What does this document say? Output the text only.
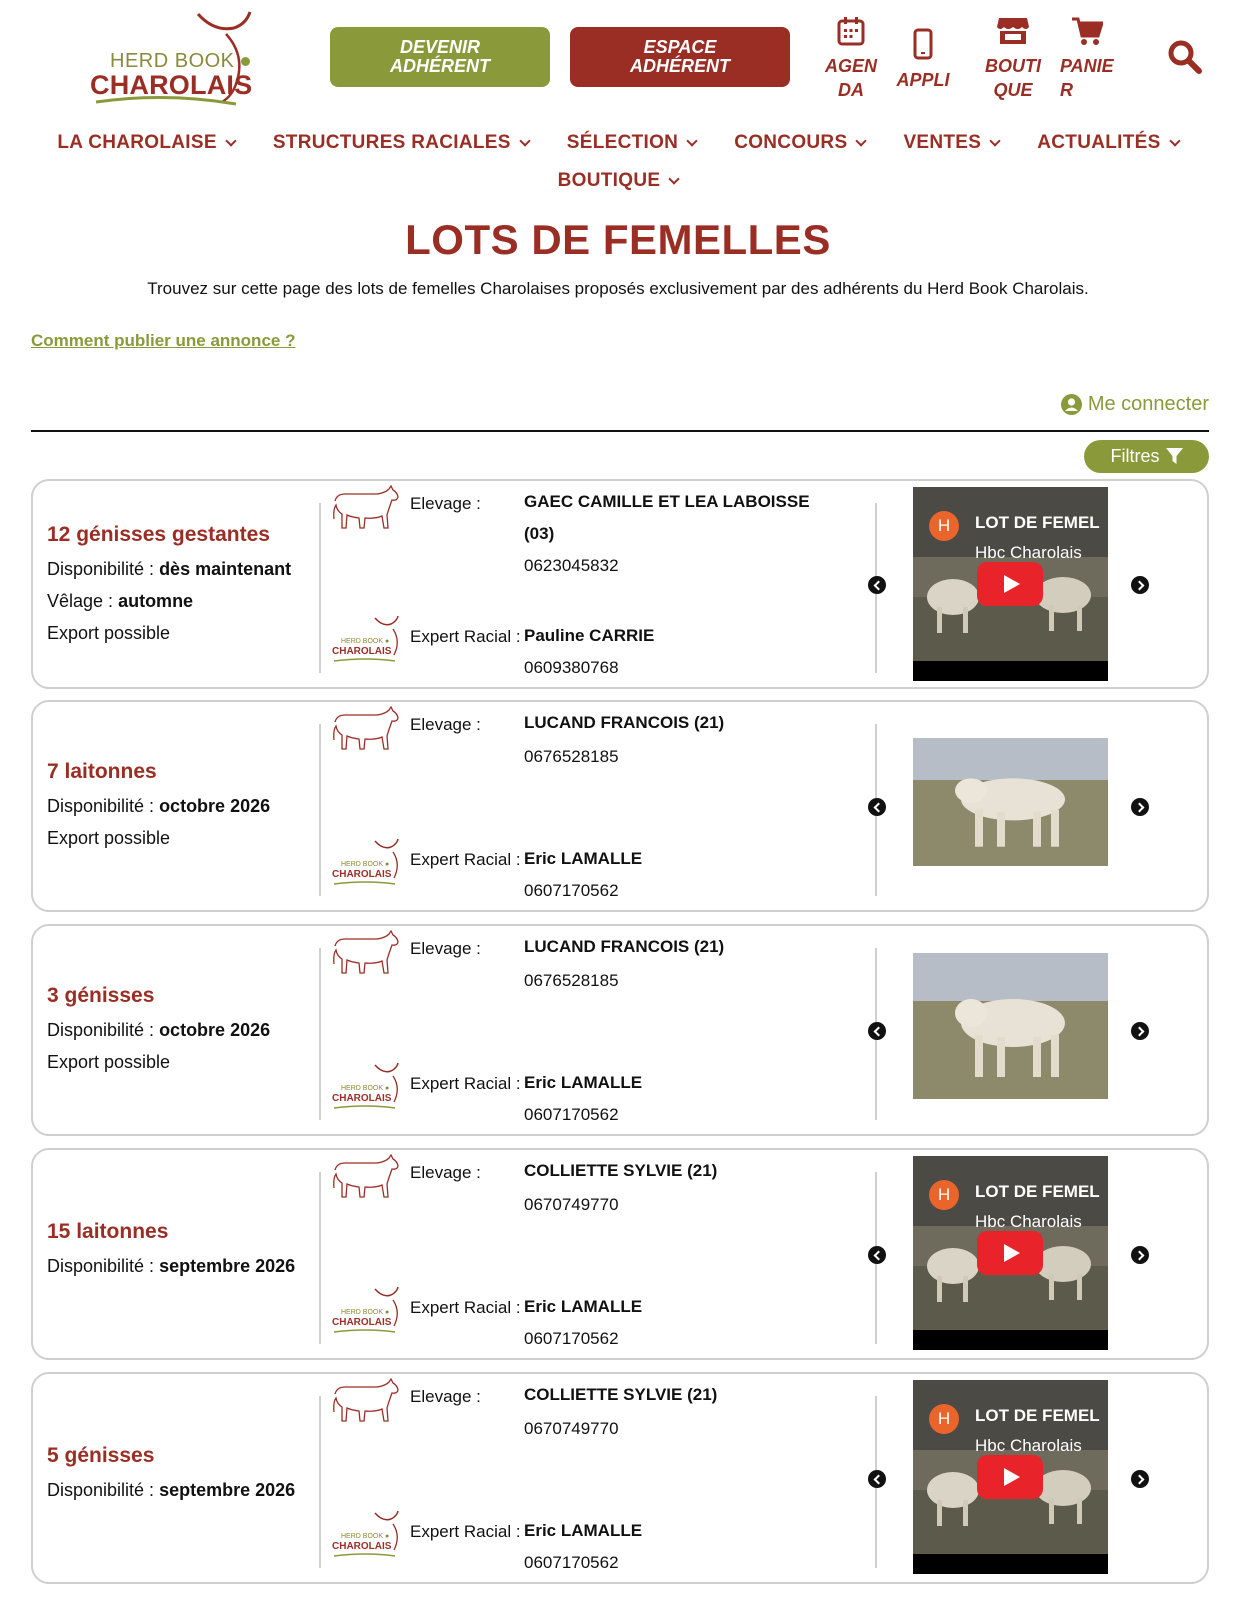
HERD BOOK
CHAROLAIS
DEVENIR ADHÉRENT
ESPACE ADHÉRENT	AGEN
DA	APPLI
BOUTI
QUE
PANIE
R
LA CHAROLAISE	STRUCTURES RACIALES	SÉLECTION	CONCOURS	VENTES	ACTUALITÉS
BOUTIQUE
LOTS DE FEMELLES

Trouvez sur cette page des lots de femelles Charolaises proposés exclusivement par des adhérents du Herd Book Charolais.

Comment publier une annonce ?
Me connecter
Filtres
12 génisses gestantes
Disponibilité : dès maintenant
Vêlage : automne
Export possible
Elevage :	GAEC CAMILLE ET LEA LABOISSE
(03)
0623045832
HERD BOOK ●
CHAROLAIS
Expert Racial : Pauline CARRIE
0609380768
H	LOT DE FEMEL
Hbc Charolais
7 laitonnes
Disponibilité : octobre 2026
Export possible
Elevage :	LUCAND FRANCOIS (21)
0676528185
HERD BOOK ●
CHAROLAIS
Expert Racial : Eric LAMALLE
0607170562
3 génisses
Disponibilité : octobre 2026
Export possible
Elevage :	LUCAND FRANCOIS (21)
0676528185
HERD BOOK ●
CHAROLAIS
Expert Racial : Eric LAMALLE
0607170562
15 laitonnes
Disponibilité : septembre 2026
Elevage :	COLLIETTE SYLVIE (21)
0670749770
HERD BOOK ●
CHAROLAIS
Expert Racial : Eric LAMALLE
0607170562
H	LOT DE FEMEL
Hbc Charolais
5 génisses
Disponibilité : septembre 2026
Elevage :	COLLIETTE SYLVIE (21)
0670749770
HERD BOOK ●
CHAROLAIS
Expert Racial : Eric LAMALLE
0607170562
H	LOT DE FEMEL
Hbc Charolais
